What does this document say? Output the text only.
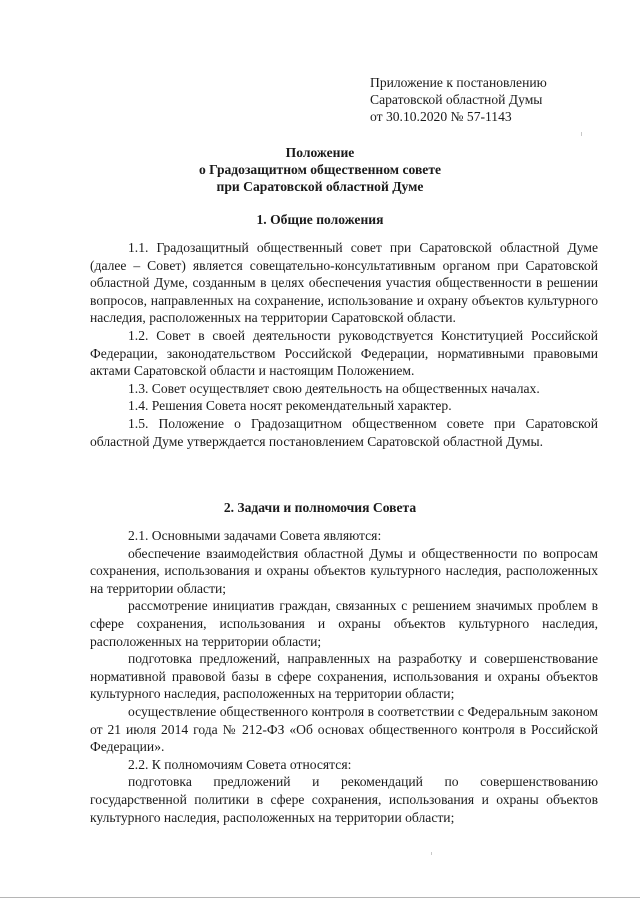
Приложение к постановлению
Саратовской областной Думы
от 30.10.2020 № 57-1143
Положение
о Градозащитном общественном совете
при Саратовской областной Думе
1. Общие положения

1.1. Градозащитный общественный совет при Саратовской областной Думе (далее – Совет) является совещательно-консультативным органом при Саратовской областной Думе, созданным в целях обеспечения участия общественности в решении вопросов, направленных на сохранение, использование и охрану объектов культурного наследия, расположенных на территории Саратовской области.

1.2. Совет в своей деятельности руководствуется Конституцией Российской Федерации, законодательством Российской Федерации, нормативными правовыми актами Саратовской области и настоящим Положением.

1.3. Совет осуществляет свою деятельность на общественных началах.

1.4. Решения Совета носят рекомендательный характер.

1.5. Положение о Градозащитном общественном совете при Саратовской областной Думе утверждается постановлением Саратовской областной Думы.

2. Задачи и полномочия Совета

2.1. Основными задачами Совета являются:

обеспечение взаимодействия областной Думы и общественности по вопросам сохранения, использования и охраны объектов культурного наследия, расположенных на территории области;

рассмотрение инициатив граждан, связанных с решением значимых проблем в сфере сохранения, использования и охраны объектов культурного наследия, расположенных на территории области;

подготовка предложений, направленных на разработку и совершенствование нормативной правовой базы в сфере сохранения, использования и охраны объектов культурного наследия, расположенных на территории области;

осуществление общественного контроля в соответствии с Федеральным законом от 21 июля 2014 года № 212-ФЗ «Об основах общественного контроля в Российской Федерации».

2.2. К полномочиям Совета относятся:

подготовка предложений и рекомендаций по совершенствованию государственной политики в сфере сохранения, использования и охраны объектов культурного наследия, расположенных на территории области;
